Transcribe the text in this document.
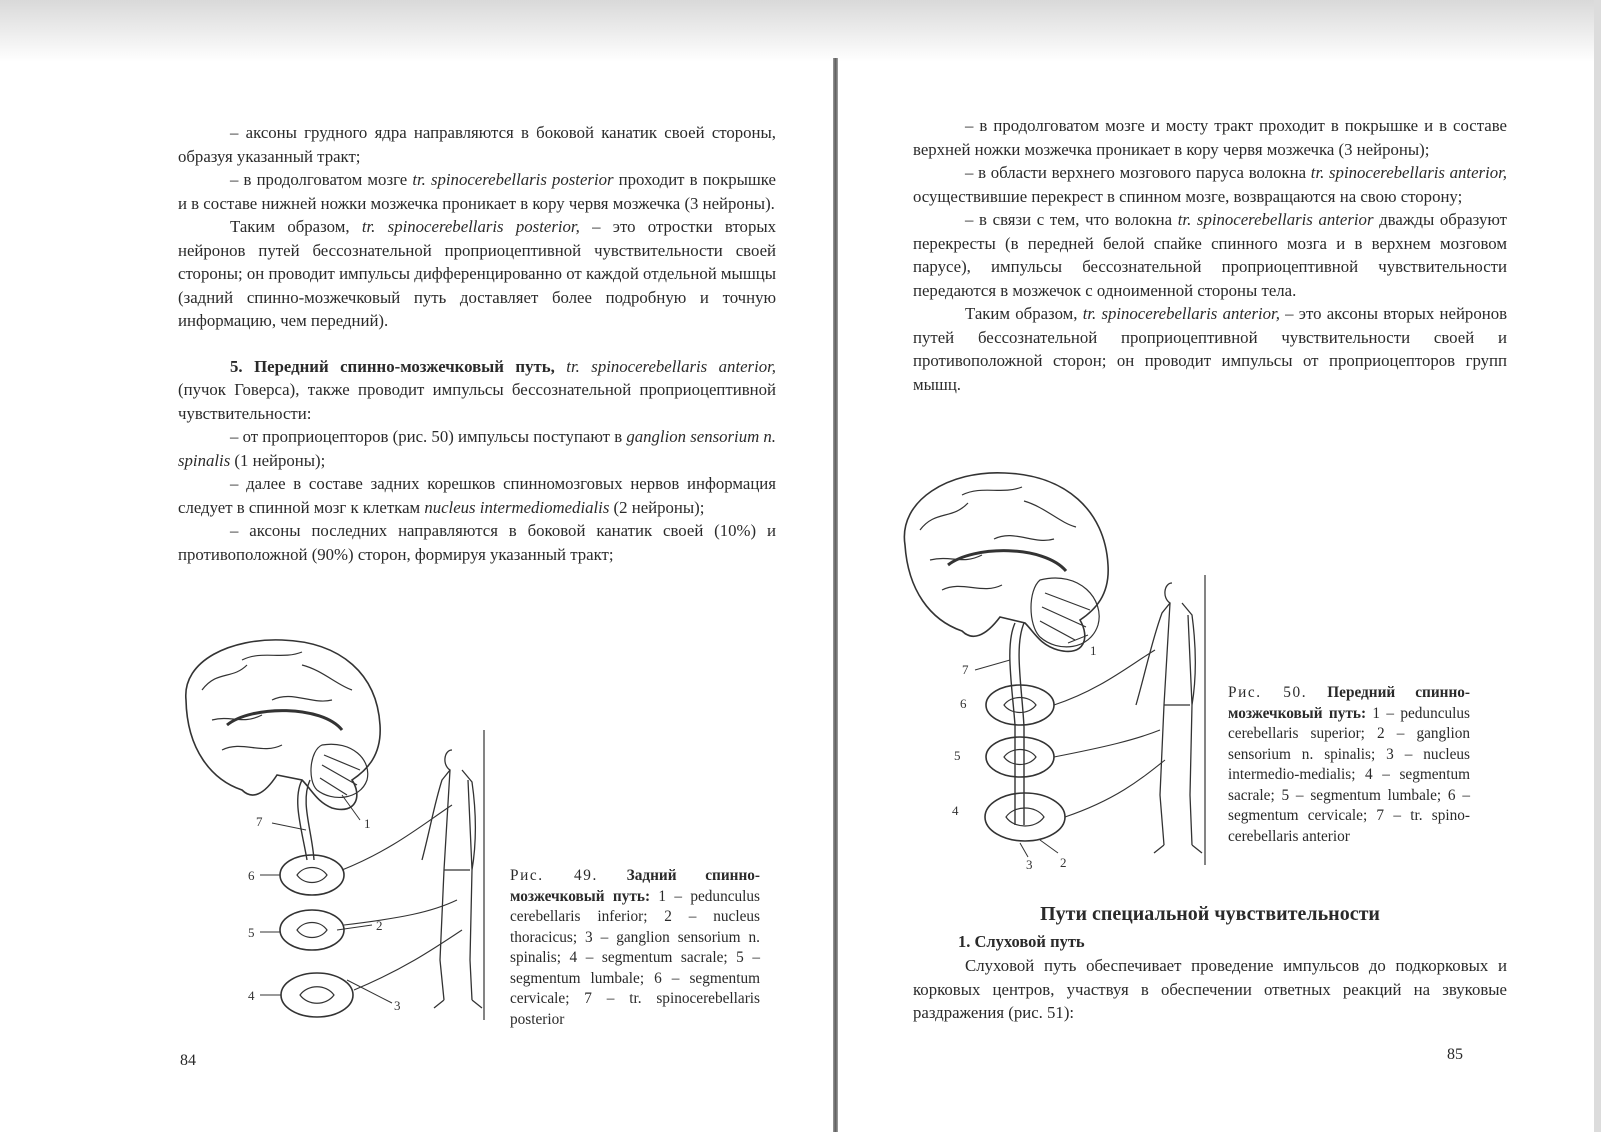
– аксоны грудного ядра направляются в боковой канатик своей стороны, образуя указанный тракт;

– в продолговатом мозге tr. spinocerebellaris posterior проходит в покрышке и в составе нижней ножки мозжечка проникает в кору червя мозжечка (3 нейроны).

Таким образом, tr. spinocerebellaris posterior, – это отростки вторых нейронов путей бессознательной проприоцептивной чувствительности своей стороны; он проводит импульсы дифференцированно от каждой отдельной мышцы (задний спинно-мозжечковый путь доставляет более подробную и точную информацию, чем передний).

5. Передний спинно-мозжечковый путь, tr. spinocerebellaris anterior, (пучок Говерса), также проводит импульсы бессознательной проприоцептивной чувствительности:

– от проприоцепторов (рис. 50) импульсы поступают в ganglion sensorium n. spinalis (1 нейроны);

– далее в составе задних корешков спинномозговых нервов информация следует в спинной мозг к клеткам nucleus intermediomedialis (2 нейроны);

– аксоны последних направляются в боковой канатик своей (10%) и противоположной (90%) сторон, формируя указанный тракт;

1
7
6
5
4
2
3
Рис. 49. Задний спинно-мозжечковый путь: 1 – pedunculus cerebellaris inferior; 2 – nucleus thoracicus; 3 – ganglion sensorium n. spinalis; 4 – segmentum sacrale; 5 – segmentum lumbale; 6 – segmentum cervicale; 7 – tr. spinocerebellaris posterior
84

– в продолговатом мозге и мосту тракт проходит в покрышке и в составе верхней ножки мозжечка проникает в кору червя мозжечка (3 нейроны);

– в области верхнего мозгового паруса волокна tr. spinocerebellaris anterior, осуществившие перекрест в спинном мозге, возвращаются на свою сторону;

– в связи с тем, что волокна tr. spinocerebellaris anterior дважды образуют перекресты (в передней белой спайке спинного мозга и в верхнем мозговом парусе), импульсы бессознательной проприоцептивной чувствительности передаются в мозжечок с одноименной стороны тела.

Таким образом, tr. spinocerebellaris anterior, – это аксоны вторых нейронов путей бессознательной проприоцептивной чувствительности своей и противоположной сторон; он проводит импульсы от проприоцепторов групп мышц.

1
7
6
5
4
3 2
Рис. 50. Передний спинно-мозжечковый путь: 1 – pedunculus cerebellaris superior; 2 – ganglion sensorium n. spinalis; 3 – nucleus intermedio-medialis; 4 – segmentum sacrale; 5 – segmentum lumbale; 6 – segmentum cervicale; 7 – tr. spino-cerebellaris anterior
Пути специальной чувствительности
1. Слуховой путь

Слуховой путь обеспечивает проведение импульсов до подкорковых и корковых центров, участвуя в обеспечении ответных реакций на звуковые раздражения (рис. 51):

85
